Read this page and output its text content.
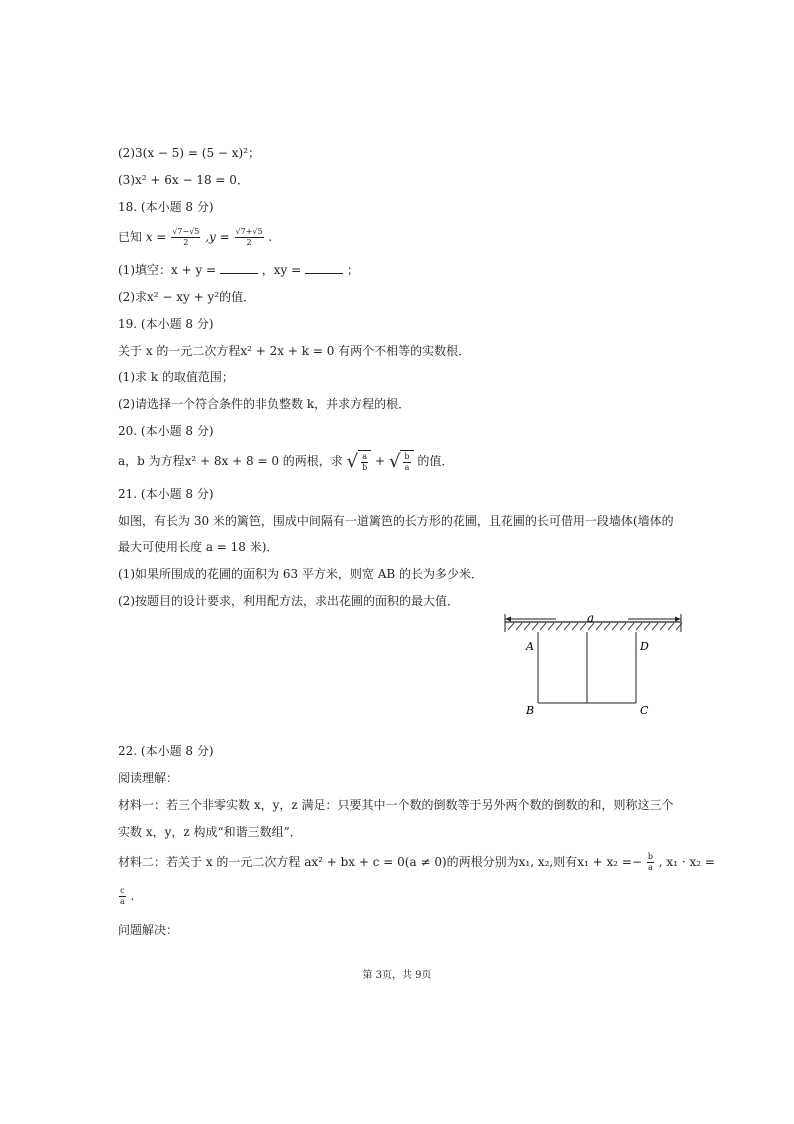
(2)3(x − 5) = (5 − x)²；
(3)x² + 6x − 18 = 0．
18. (本小题 8 分)
已知 $x = \frac{√7-√5}{2} ,y = \frac{√7+√5}{2}$ .
(1)填空：x + y =	，xy =	；
(2)求x² − xy + y²的值．
19. (本小题 8 分)
关于 x 的一元二次方程x² + 2x + k = 0 有两个不相等的实数根．
(1)求 k 的取值范围；
(2)请选择一个符合条件的非负整数 k，并求方程的根．
20. (本小题 8 分)
a，b 为方程x² + 8x + 8 = 0 的两根，求 √ $\frac{a}{b}$ + √ $\frac{b}{a}$ 的值．
21. (本小题 8 分)
如图，有长为 30 米的篱笆，围成中间隔有一道篱笆的长方形的花圃，且花圃的长可借用一段墙体(墙体的
最大可使用长度 a = 18 米)．
(1)如果所围成的花圃的面积为 63 平方米，则宽 AB 的长为多少米．
(2)按题目的设计要求，利用配方法，求出花圃的面积的最大值．
a
A	D
B	C
22. (本小题 8 分)
阅读理解：
材料一：若三个非零实数 x，y，z 满足：只要其中一个数的倒数等于另外两个数的倒数的和，则称这三个
实数 x，y，z 构成“和谐三数组”．
材料二：若关于 x 的一元二次方程 ax² + bx + c = 0(a ≠ 0)的两根分别为x₁, x₂,则有$x_1 + x_2 =- \frac{b}{a}$ , x₁ · x₂ =
$\frac{c}{a}$ .
问题解决：
第 3页，共 9页
